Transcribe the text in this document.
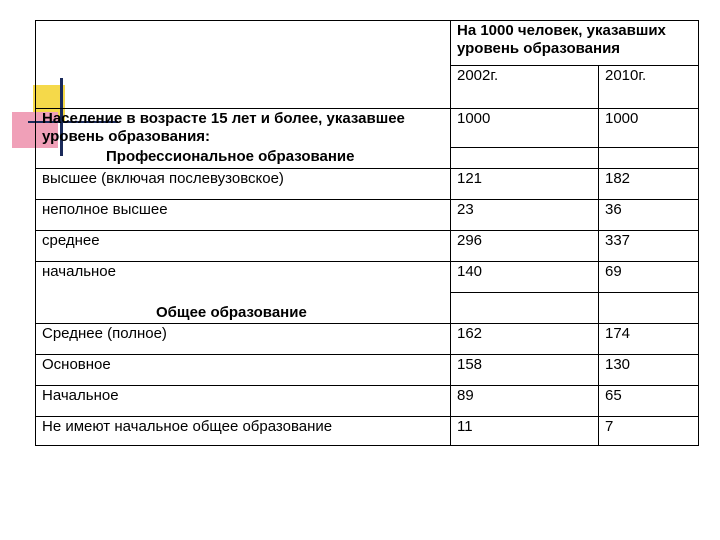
	На 1000 человек, указавших уровень образования	
	2002г.	2010г.
Население в возрасте 15 лет и более, указавшее уровень образования:	1000	1000
Профессиональное образование		
высшее (включая послевузовское)	121	182
неполное высшее	23	36
среднее	296	337
начальное	140	69
Общее образование		
Среднее (полное)	162	174
Основное	158	130
Начальное	89	65
Не имеют начальное общее образование	11	7
